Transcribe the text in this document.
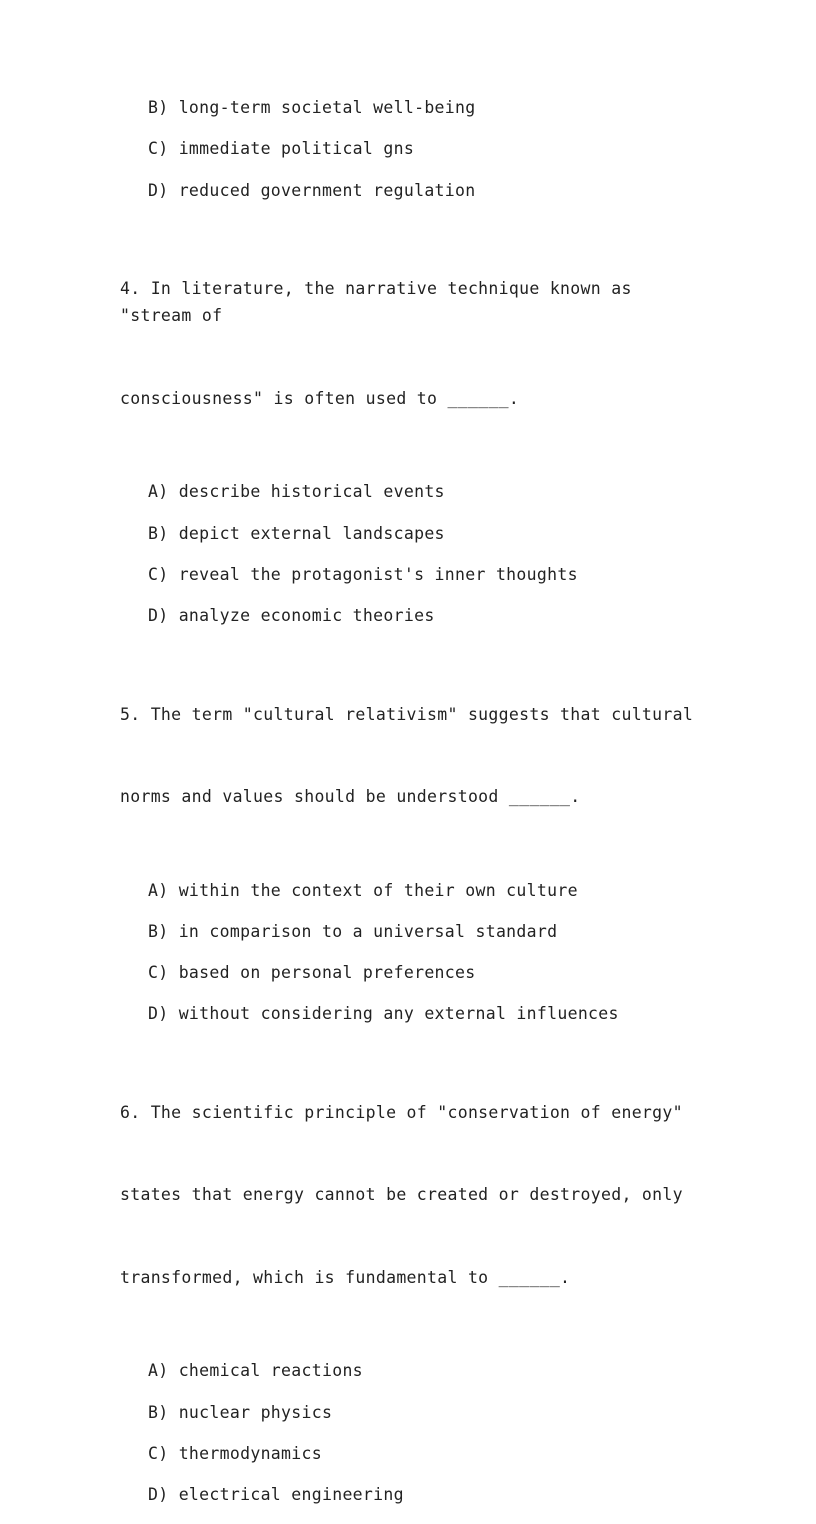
B) long-term societal well-being
C) immediate political gns
D) reduced government regulation

4. In literature, the narrative technique known as "stream of

consciousness" is often used to ______.

A) describe historical events
B) depict external landscapes
C) reveal the protagonist's inner thoughts
D) analyze economic theories

5. The term "cultural relativism" suggests that cultural

norms and values should be understood ______.

A) within the context of their own culture
B) in comparison to a universal standard
C) based on personal preferences
D) without considering any external influences

6. The scientific principle of "conservation of energy"

states that energy cannot be created or destroyed, only

transformed, which is fundamental to ______.

A) chemical reactions
B) nuclear physics
C) thermodynamics
D) electrical engineering
